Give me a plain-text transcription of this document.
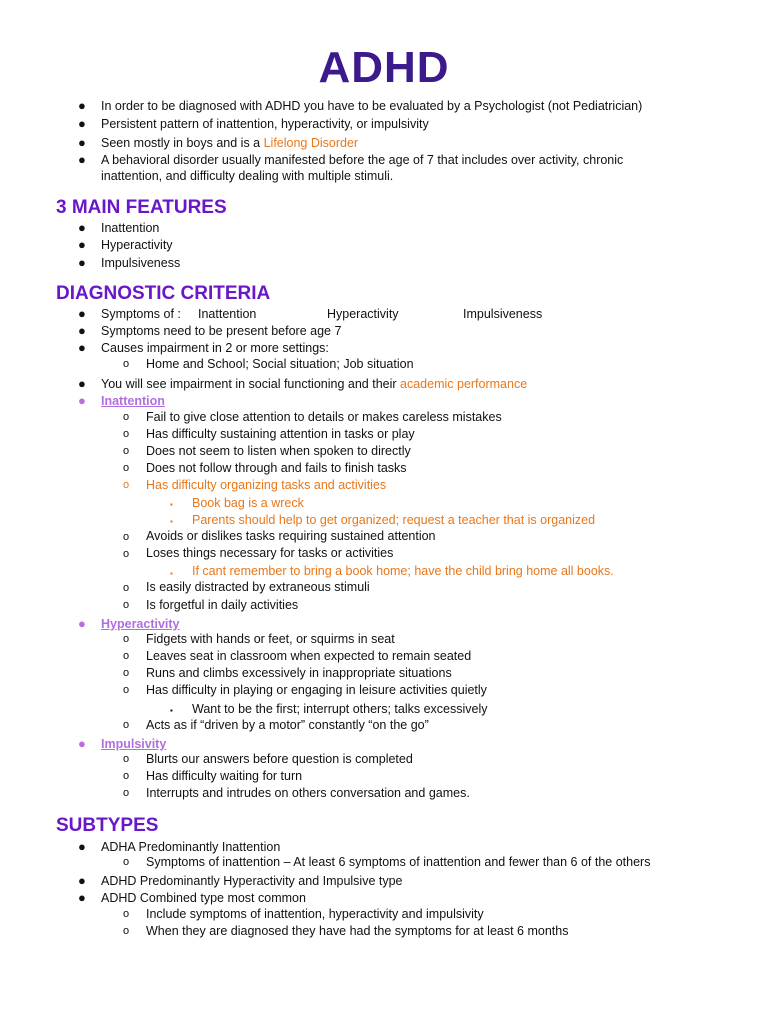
ADHD
● In order to be diagnosed with ADHD you have to be evaluated by a Psychologist (not Pediatrician)
● Persistent pattern of inattention, hyperactivity, or impulsivity
● Seen mostly in boys and is a Lifelong Disorder
● A behavioral disorder usually manifested before the age of 7 that includes over activity, chronic
inattention, and difficulty dealing with multiple stimuli.
3 MAIN FEATURES
● Inattention
● Hyperactivity
● Impulsiveness
DIAGNOSTIC CRITERIA
● Symptoms of : Inattention	Hyperactivity	Impulsiveness
● Symptoms need to be present before age 7
● Causes impairment in 2 or more settings:
o Home and School; Social situation; Job situation
● You will see impairment in social functioning and their academic performance
● Inattention
o Fail to give close attention to details or makes careless mistakes
o Has difficulty sustaining attention in tasks or play
o Does not seem to listen when spoken to directly
o Does not follow through and fails to finish tasks
o Has difficulty organizing tasks and activities
▪ Book bag is a wreck
▪ Parents should help to get organized; request a teacher that is organized
o Avoids or dislikes tasks requiring sustained attention
o Loses things necessary for tasks or activities
▪ If cant remember to bring a book home; have the child bring home all books.
o Is easily distracted by extraneous stimuli
o Is forgetful in daily activities
● Hyperactivity
o Fidgets with hands or feet, or squirms in seat
o Leaves seat in classroom when expected to remain seated
o Runs and climbs excessively in inappropriate situations
o Has difficulty in playing or engaging in leisure activities quietly
▪ Want to be the first; interrupt others; talks excessively
o Acts as if “driven by a motor” constantly “on the go”
● Impulsivity
o Blurts our answers before question is completed
o Has difficulty waiting for turn
o Interrupts and intrudes on others conversation and games.
SUBTYPES
● ADHA Predominantly Inattention
o Symptoms of inattention – At least 6 symptoms of inattention and fewer than 6 of the others
● ADHD Predominantly Hyperactivity and Impulsive type
● ADHD Combined type most common
o Include symptoms of inattention, hyperactivity and impulsivity
o When they are diagnosed they have had the symptoms for at least 6 months
